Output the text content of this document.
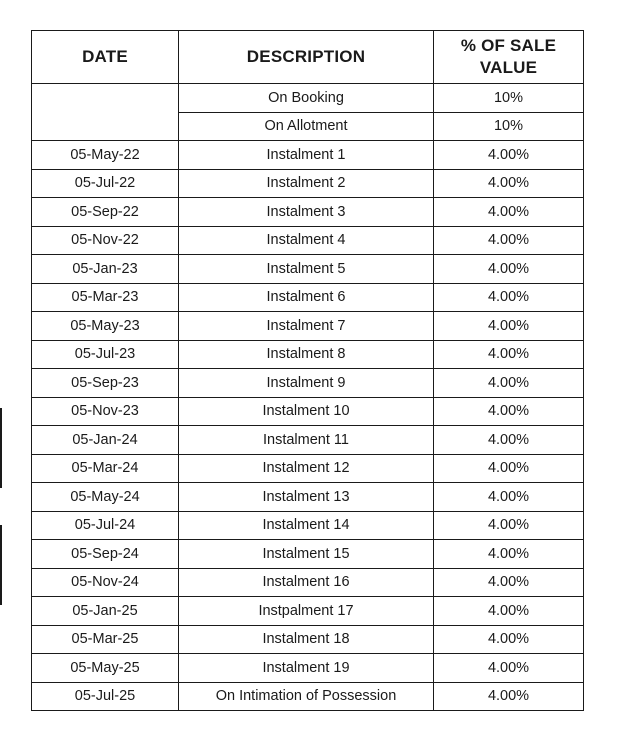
DATE	DESCRIPTION	% OF SALE
VALUE
	On Booking	10%
	On Allotment	10%
05-May-22	Instalment 1	4.00%
05-Jul-22	Instalment 2	4.00%
05-Sep-22	Instalment 3	4.00%
05-Nov-22	Instalment 4	4.00%
05-Jan-23	Instalment 5	4.00%
05-Mar-23	Instalment 6	4.00%
05-May-23	Instalment 7	4.00%
05-Jul-23	Instalment 8	4.00%
05-Sep-23	Instalment 9	4.00%
05-Nov-23	Instalment 10	4.00%
05-Jan-24	Instalment 11	4.00%
05-Mar-24	Instalment 12	4.00%
05-May-24	Instalment 13	4.00%
05-Jul-24	Instalment 14	4.00%
05-Sep-24	Instalment 15	4.00%
05-Nov-24	Instalment 16	4.00%
05-Jan-25	Instpalment 17	4.00%
05-Mar-25	Instalment 18	4.00%
05-May-25	Instalment 19	4.00%
05-Jul-25	On Intimation of Possession	4.00%
